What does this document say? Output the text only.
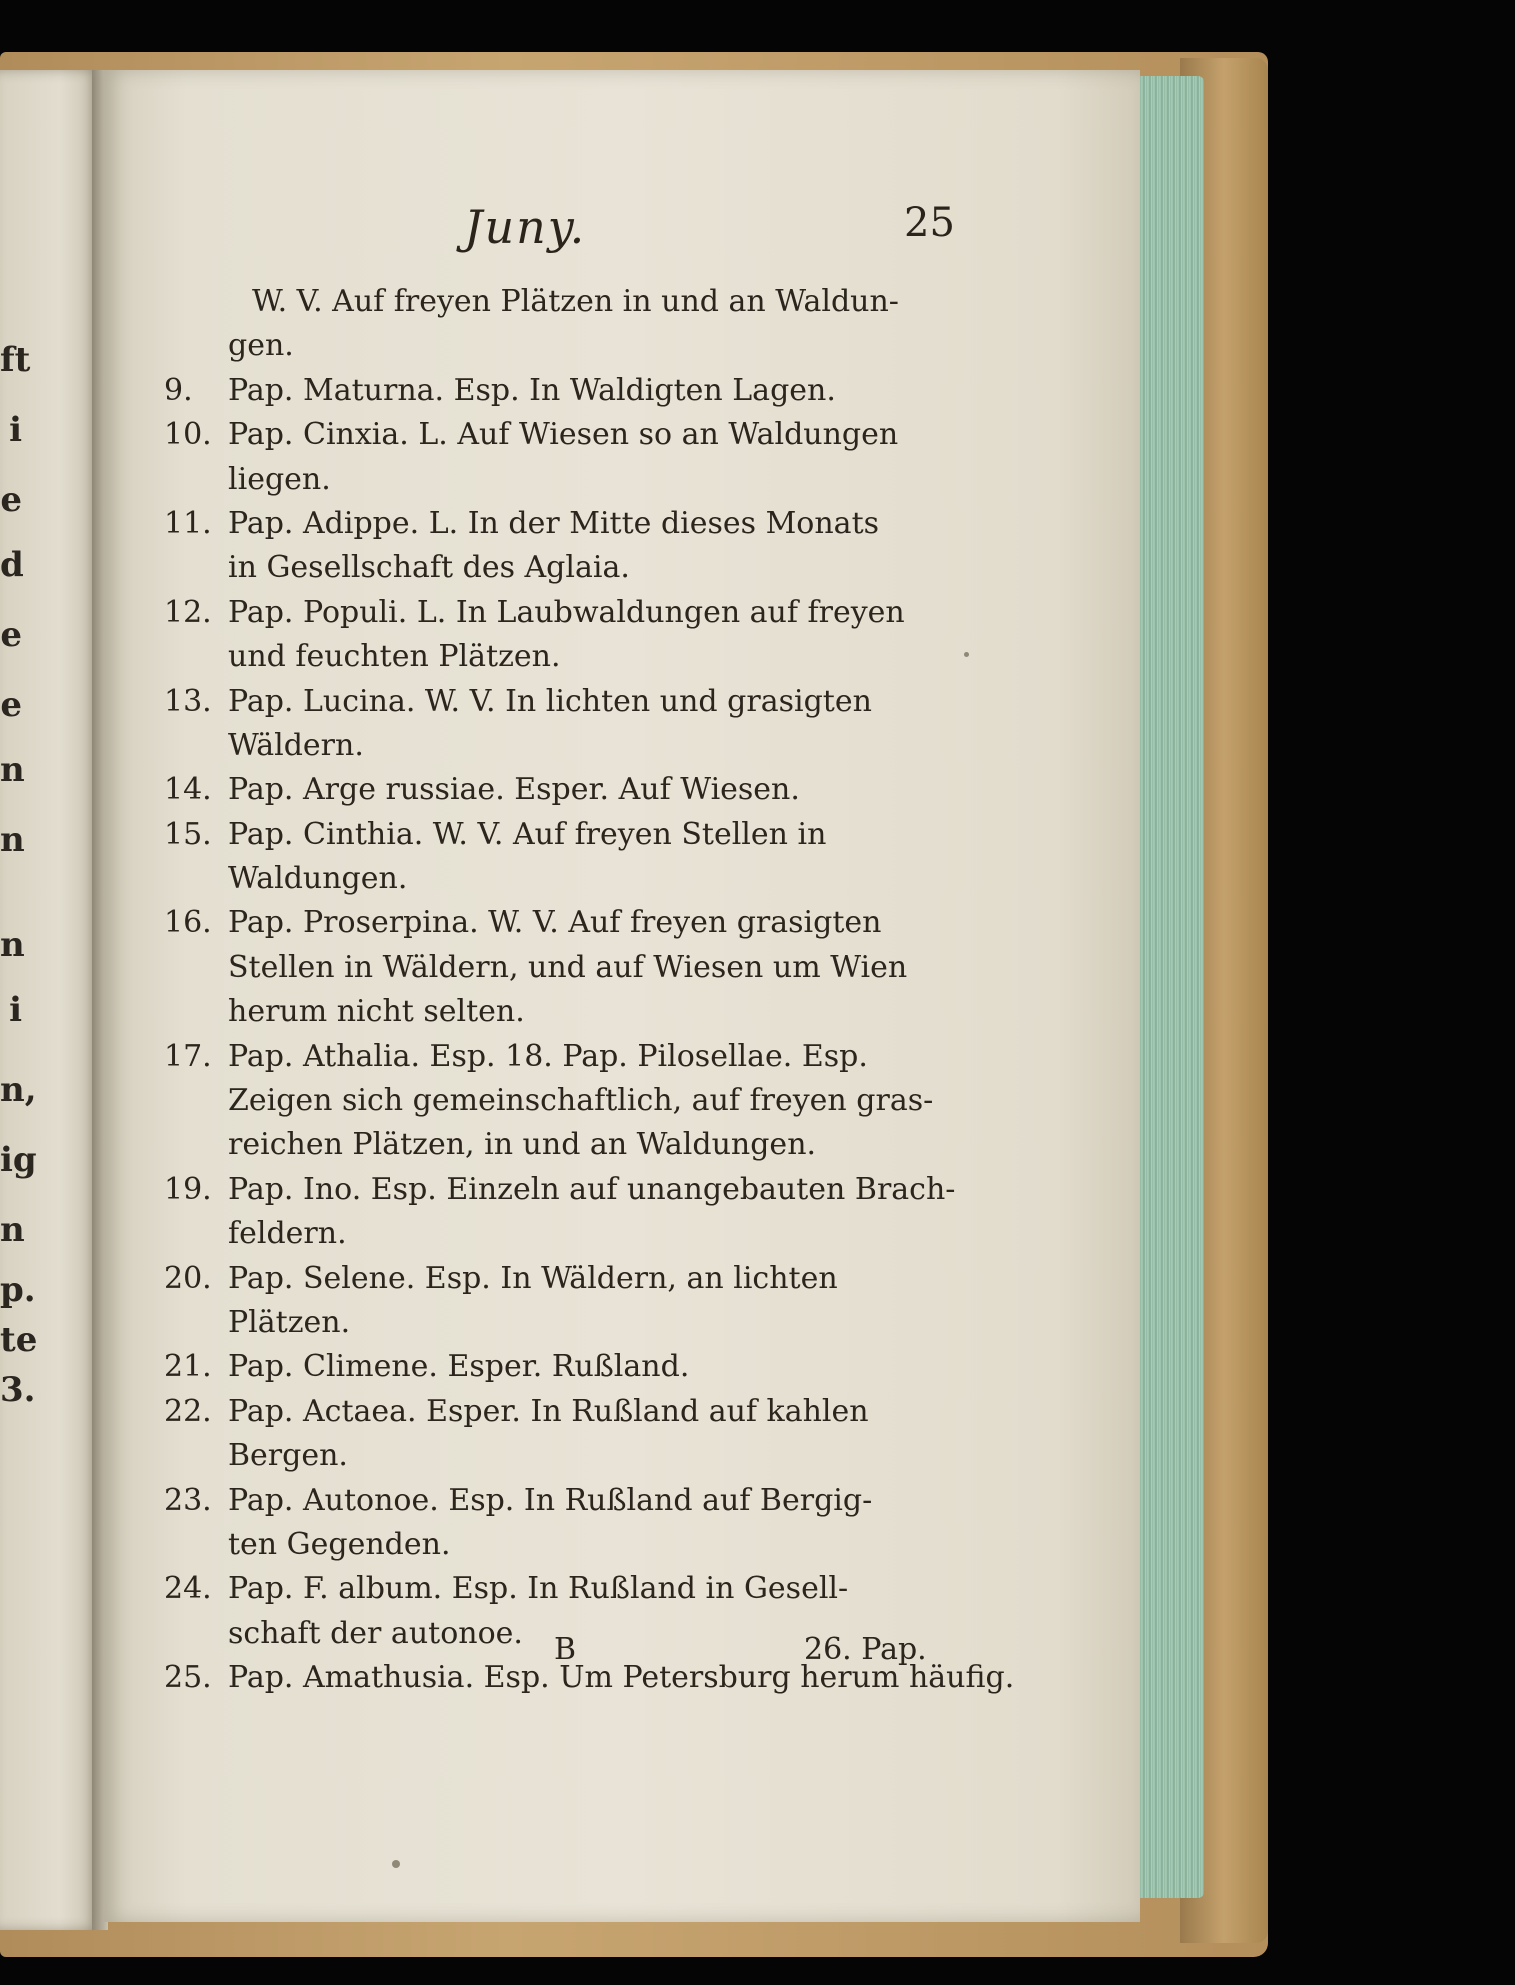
ft
i
e
d
e
e
n
n
n
i
n,
ig
n
p.
te
3.
Juny.	25
W. V. Auf freyen Plätzen in und an Waldun-
gen.
9.	Pap. Maturna. Esp. In Waldigten Lagen.
10. Pap. Cinxia. L. Auf Wiesen so an Waldungen
liegen.
11. Pap. Adippe. L. In der Mitte dieses Monats
in Gesellschaft des Aglaia.
12. Pap. Populi. L. In Laubwaldungen auf freyen
und feuchten Plätzen.
13. Pap. Lucina. W. V. In lichten und grasigten
Wäldern.
14. Pap. Arge russiae. Esper. Auf Wiesen.
15. Pap. Cinthia. W. V. Auf freyen Stellen in
Waldungen.
16. Pap. Proserpina. W. V. Auf freyen grasigten
Stellen in Wäldern, und auf Wiesen um Wien
herum nicht selten.
17. Pap. Athalia. Esp. 18. Pap. Pilosellae. Esp.
Zeigen sich gemeinschaftlich, auf freyen gras-
reichen Plätzen, in und an Waldungen.
19. Pap. Ino. Esp. Einzeln auf unangebauten Brach-
feldern.
20. Pap. Selene. Esp. In Wäldern, an lichten
Plätzen.
21. Pap. Climene. Esper. Rußland.
22. Pap. Actaea. Esper. In Rußland auf kahlen
Bergen.
23. Pap. Autonoe. Esp. In Rußland auf Bergig-
ten Gegenden.
24. Pap. F. album. Esp. In Rußland in Gesell-
schaft der autonoe.
25. Pap. Amathusia. Esp. Um Petersburg herum häufig.
B	26. Pap.
